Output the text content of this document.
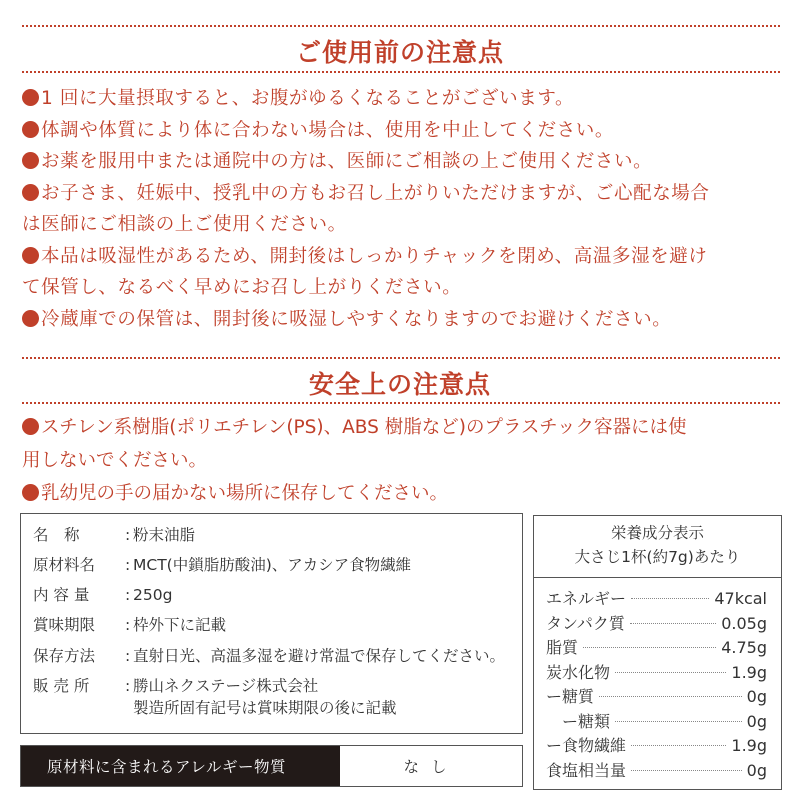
ご使用前の注意点
1 回に大量摂取すると、お腹がゆるくなることがございます。
体調や体質により体に合わない場合は、使用を中止してください。
お薬を服用中または通院中の方は、医師にご相談の上ご使用ください。
お子さま、妊娠中、授乳中の方もお召し上がりいただけますが、ご心配な場合
は医師にご相談の上ご使用ください。
本品は吸湿性があるため、開封後はしっかりチャックを閉め、高温多湿を避け
て保管し、なるべく早めにお召し上がりください。
冷蔵庫での保管は、開封後に吸湿しやすくなりますのでお避けください。
安全上の注意点
スチレン系樹脂(ポリエチレン(PS)、ABS 樹脂など)のプラスチック容器には使
用しないでください。
乳幼児の手の届かない場所に保存してください。
名　称	: 粉末油脂
原材料名 : MCT(中鎖脂肪酸油)、アカシア食物繊維
内 容 量 : 250g
賞味期限 : 枠外下に記載
保存方法 : 直射日光、高温多湿を避け常温で保存してください。
販 売 所 : 勝山ネクステージ株式会社
製造所固有記号は賞味期限の後に記載
原材料に含まれるアレルギー物質	なし
栄養成分表示
大さじ1杯(約7g)あたり
エネルギー	47kcal
タンパク質	0.05g
脂質	4.75g
炭水化物	1.9g
ー糖質	0g
　ー糖類	0g
ー食物繊維	1.9g
食塩相当量	0g
